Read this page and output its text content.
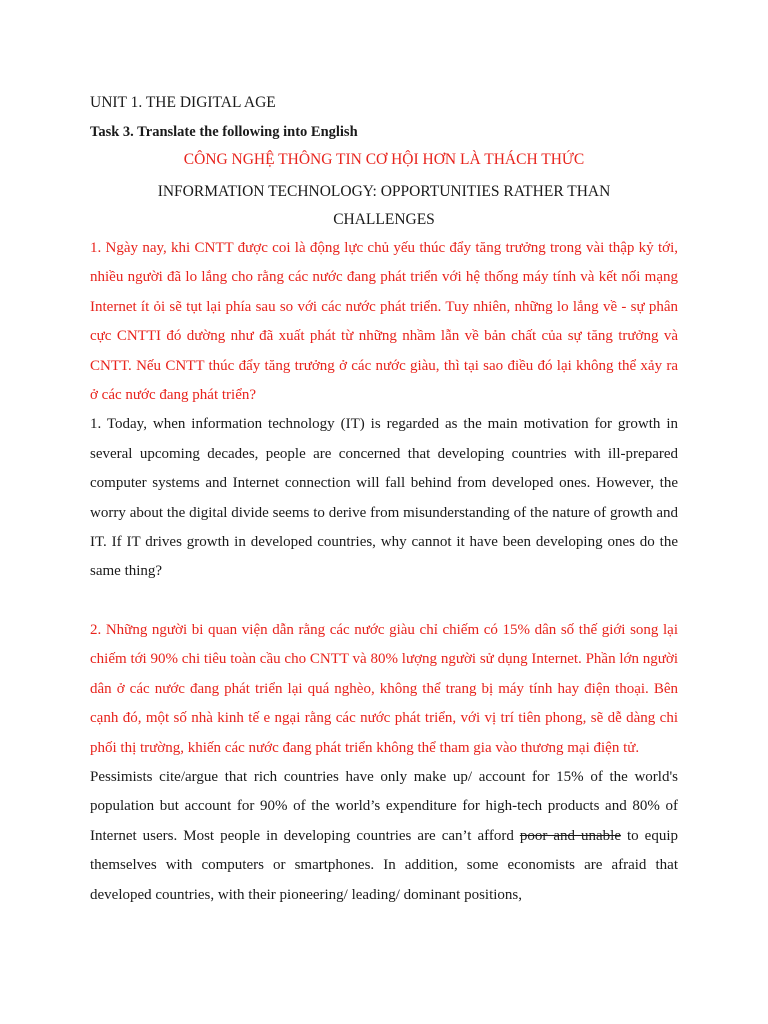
UNIT 1. THE DIGITAL AGE

Task 3. Translate the following into English

CÔNG NGHỆ THÔNG TIN CƠ HỘI HƠN LÀ THÁCH THỨC

INFORMATION TECHNOLOGY: OPPORTUNITIES RATHER THAN

CHALLENGES

1. Ngày nay, khi CNTT được coi là động lực chủ yếu thúc đẩy tăng trưởng trong vài thập kỷ tới, nhiều người đã lo lắng cho rằng các nước đang phát triển với hệ thống máy tính và kết nối mạng Internet ít ỏi sẽ tụt lại phía sau so với các nước phát triển. Tuy nhiên, những lo lắng về - sự phân cực CNTTI đó dường như đã xuất phát từ những nhầm lẫn về bản chất của sự tăng trưởng và CNTT. Nếu CNTT thúc đẩy tăng trưởng ở các nước giàu, thì tại sao điều đó lại không thể xảy ra ở các nước đang phát triển?

1. Today, when information technology (IT) is regarded as the main motivation for growth in several upcoming decades, people are concerned that developing countries with ill-prepared computer systems and Internet connection will fall behind from developed ones. However, the worry about the digital divide seems to derive from misunderstanding of the nature of growth and IT. If IT drives growth in developed countries, why cannot it have been developing ones do the same thing?

2. Những người bi quan viện dẫn rằng các nước giàu chỉ chiếm có 15% dân số thế giới song lại chiếm tới 90% chi tiêu toàn cầu cho CNTT và 80% lượng người sử dụng Internet. Phần lớn người dân ở các nước đang phát triển lại quá nghèo, không thể trang bị máy tính hay điện thoại. Bên cạnh đó, một số nhà kinh tế e ngại rằng các nước phát triển, với vị trí tiên phong, sẽ dễ dàng chi phối thị trường, khiến các nước đang phát triển không thể tham gia vào thương mại điện tử.

Pessimists cite/argue that rich countries have only make up/ account for 15% of the world's population but account for 90% of the world’s expenditure for high-tech products and 80% of Internet users. Most people in developing countries are can’t afford poor and unable to equip themselves with computers or smartphones. In addition, some economists are afraid that developed countries, with their pioneering/ leading/ dominant positions,
